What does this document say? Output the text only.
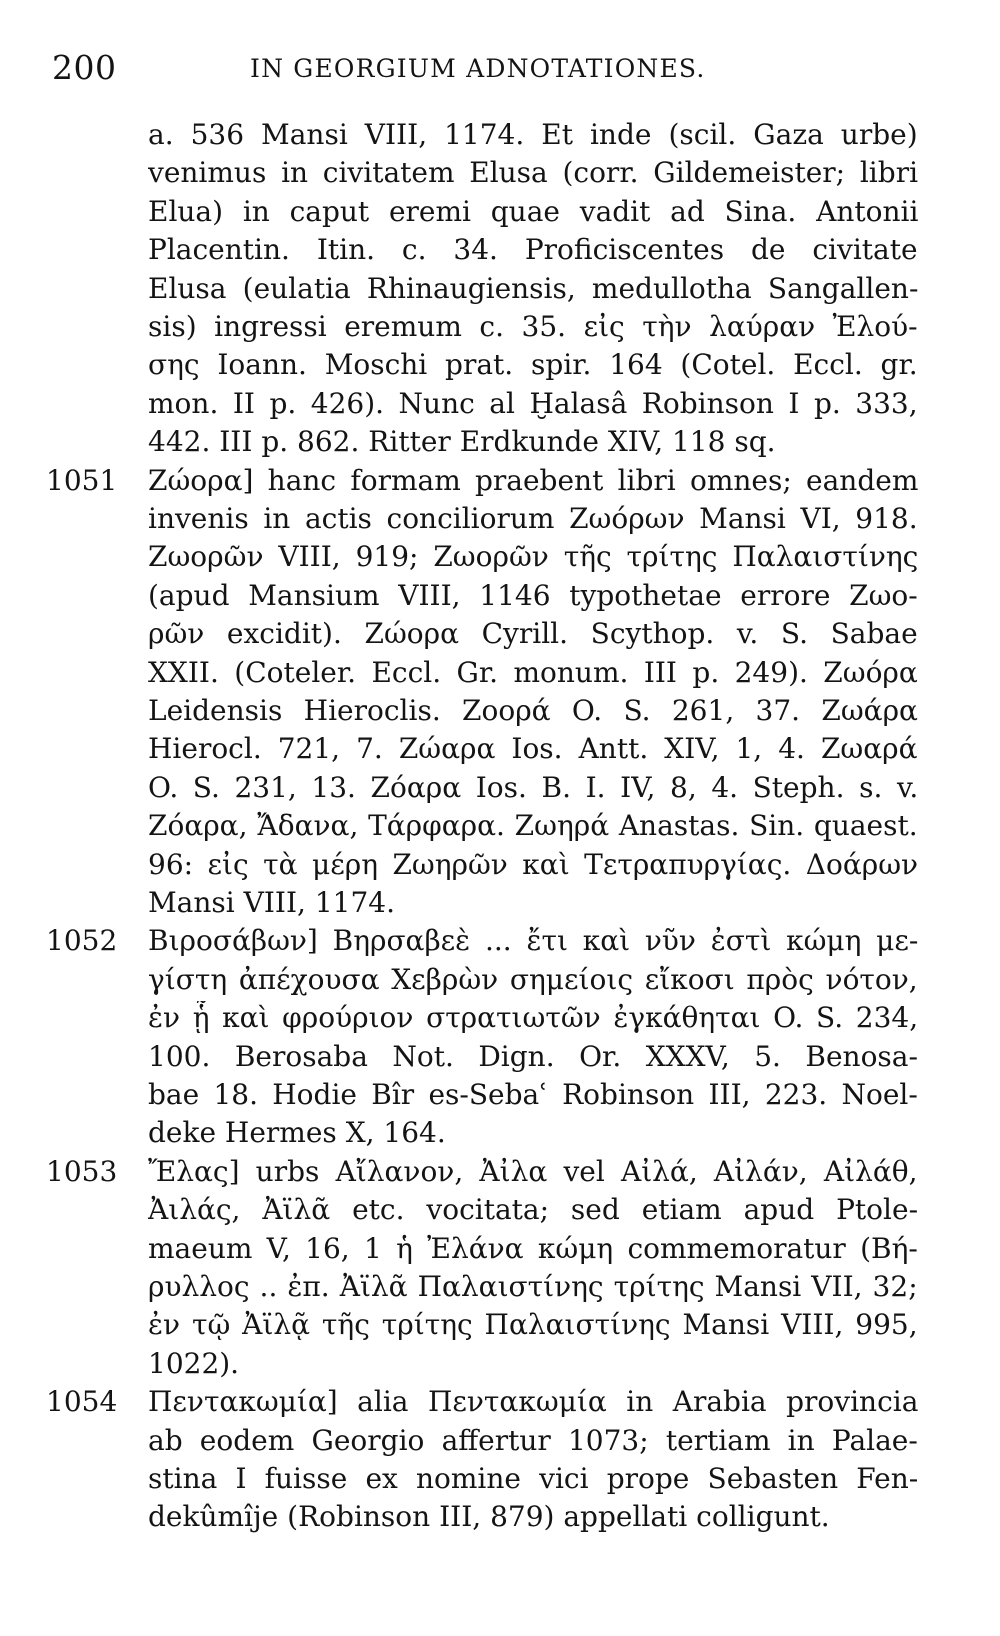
200	IN GEORGIUM ADNOTATIONES.
a. 536 Mansi VIII, 1174. Et inde (scil. Gaza urbe)
venimus in civitatem Elusa (corr. Gildemeister; libri
Elua) in caput eremi quae vadit ad Sina. Antonii
Placentin. Itin. c. 34. Proficiscentes de civitate
Elusa (eulatia Rhinaugiensis, medullotha Sangallen-
sis) ingressi eremum c. 35. εἰς τὴν λαύραν Ἐλού-
σης Ioann. Moschi prat. spir. 164 (Cotel. Eccl. gr.
mon. II p. 426). Nunc al Ḫalasâ Robinson I p. 333,
442. III p. 862. Ritter Erdkunde XIV, 118 sq.
1051	Ζώορα] hanc formam praebent libri omnes; eandem
invenis in actis conciliorum Ζωόρων Mansi VI, 918.
Ζωορῶν VIII, 919; Ζωορῶν τῆς τρίτης Παλαιστίνης
(apud Mansium VIII, 1146 typothetae errore Ζωο-
ρῶν excidit). Ζώορα Cyrill. Scythop. v. S. Sabae
XXII. (Coteler. Eccl. Gr. monum. III p. 249). Ζωόρα
Leidensis Hieroclis. Ζοορά O. S. 261, 37. Ζωάρα
Hierocl. 721, 7. Ζώαρα Ios. Antt. XIV, 1, 4. Ζωαρά
O. S. 231, 13. Ζόαρα Ios. B. I. IV, 8, 4. Steph. s. v.
Ζόαρα, Ἄδανα, Τάρφαρα. Ζωηρά Anastas. Sin. quaest.
96: εἰς τὰ μέρη Ζωηρῶν καὶ Τετραπυργίας. Δοάρων
Mansi VIII, 1174.
1052	Βιροσάβων] Βηρσαβεὲ ... ἔτι καὶ νῦν ἐστὶ κώμη με-
γίστη ἀπέχουσα Χεβρὼν σημείοις εἴκοσι πρὸς νότον,
ἐν ᾗ καὶ φρούριον στρατιωτῶν ἐγκάθηται O. S. 234,
100. Berosaba Not. Dign. Or. XXXV, 5. Benosa-
bae 18. Hodie Bîr es-Sebaʿ Robinson III, 223. Noel-
deke Hermes X, 164.
1053	Ἔλας] urbs Αἴλανον, Ἀἰλα vel Αἰλά, Αἰλάν, Αἰλάθ,
Ἀιλάς, Ἀϊλᾶ etc. vocitata; sed etiam apud Ptole-
maeum V, 16, 1 ἡ Ἐλάνα κώμη commemoratur (Βή-
ρυλλος .. ἐπ. Ἀϊλᾶ Παλαιστίνης τρίτης Mansi VII, 32;
ἐν τῷ Ἀϊλᾷ τῆς τρίτης Παλαιστίνης Mansi VIII, 995,
1022).
1054	Πεντακωμία] alia Πεντακωμία in Arabia provincia
ab eodem Georgio affertur 1073; tertiam in Palae-
stina I fuisse ex nomine vici prope Sebasten Fen-
dekûmîje (Robinson III, 879) appellati colligunt.
